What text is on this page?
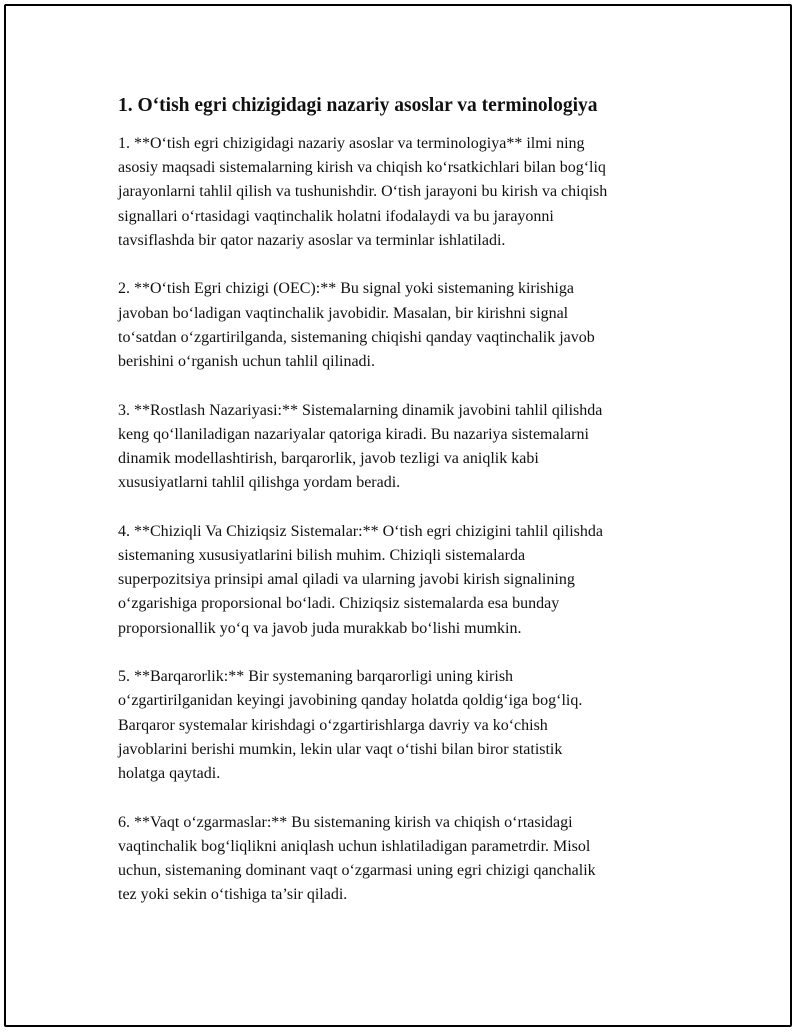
1. O‘tish egri chizigidagi nazariy asoslar va terminologiya
1. **O‘tish egri chizigidagi nazariy asoslar va terminologiya** ilmi ning
asosiy maqsadi sistemalarning kirish va chiqish ko‘rsatkichlari bilan bog‘liq
jarayonlarni tahlil qilish va tushunishdir. O‘tish jarayoni bu kirish va chiqish
signallari o‘rtasidagi vaqtinchalik holatni ifodalaydi va bu jarayonni
tavsiflashda bir qator nazariy asoslar va terminlar ishlatiladi.
2. **O‘tish Egri chizigi (OEC):** Bu signal yoki sistemaning kirishiga
javoban bo‘ladigan vaqtinchalik javobidir. Masalan, bir kirishni signal
to‘satdan o‘zgartirilganda, sistemaning chiqishi qanday vaqtinchalik javob
berishini o‘rganish uchun tahlil qilinadi.
3. **Rostlash Nazariyasi:** Sistemalarning dinamik javobini tahlil qilishda
keng qo‘llaniladigan nazariyalar qatoriga kiradi. Bu nazariya sistemalarni
dinamik modellashtirish, barqarorlik, javob tezligi va aniqlik kabi
xususiyatlarni tahlil qilishga yordam beradi.
4. **Chiziqli Va Chiziqsiz Sistemalar:** O‘tish egri chizigini tahlil qilishda
sistemaning xususiyatlarini bilish muhim. Chiziqli sistemalarda
superpozitsiya prinsipi amal qiladi va ularning javobi kirish signalining
o‘zgarishiga proporsional bo‘ladi. Chiziqsiz sistemalarda esa bunday
proporsionallik yo‘q va javob juda murakkab bo‘lishi mumkin.
5. **Barqarorlik:** Bir systemaning barqarorligi uning kirish
o‘zgartirilganidan keyingi javobining qanday holatda qoldig‘iga bog‘liq.
Barqaror systemalar kirishdagi o‘zgartirishlarga davriy va ko‘chish
javoblarini berishi mumkin, lekin ular vaqt o‘tishi bilan biror statistik
holatga qaytadi.
6. **Vaqt o‘zgarmaslar:** Bu sistemaning kirish va chiqish o‘rtasidagi
vaqtinchalik bog‘liqlikni aniqlash uchun ishlatiladigan parametrdir. Misol
uchun, sistemaning dominant vaqt o‘zgarmasi uning egri chizigi qanchalik
tez yoki sekin o‘tishiga ta’sir qiladi.
